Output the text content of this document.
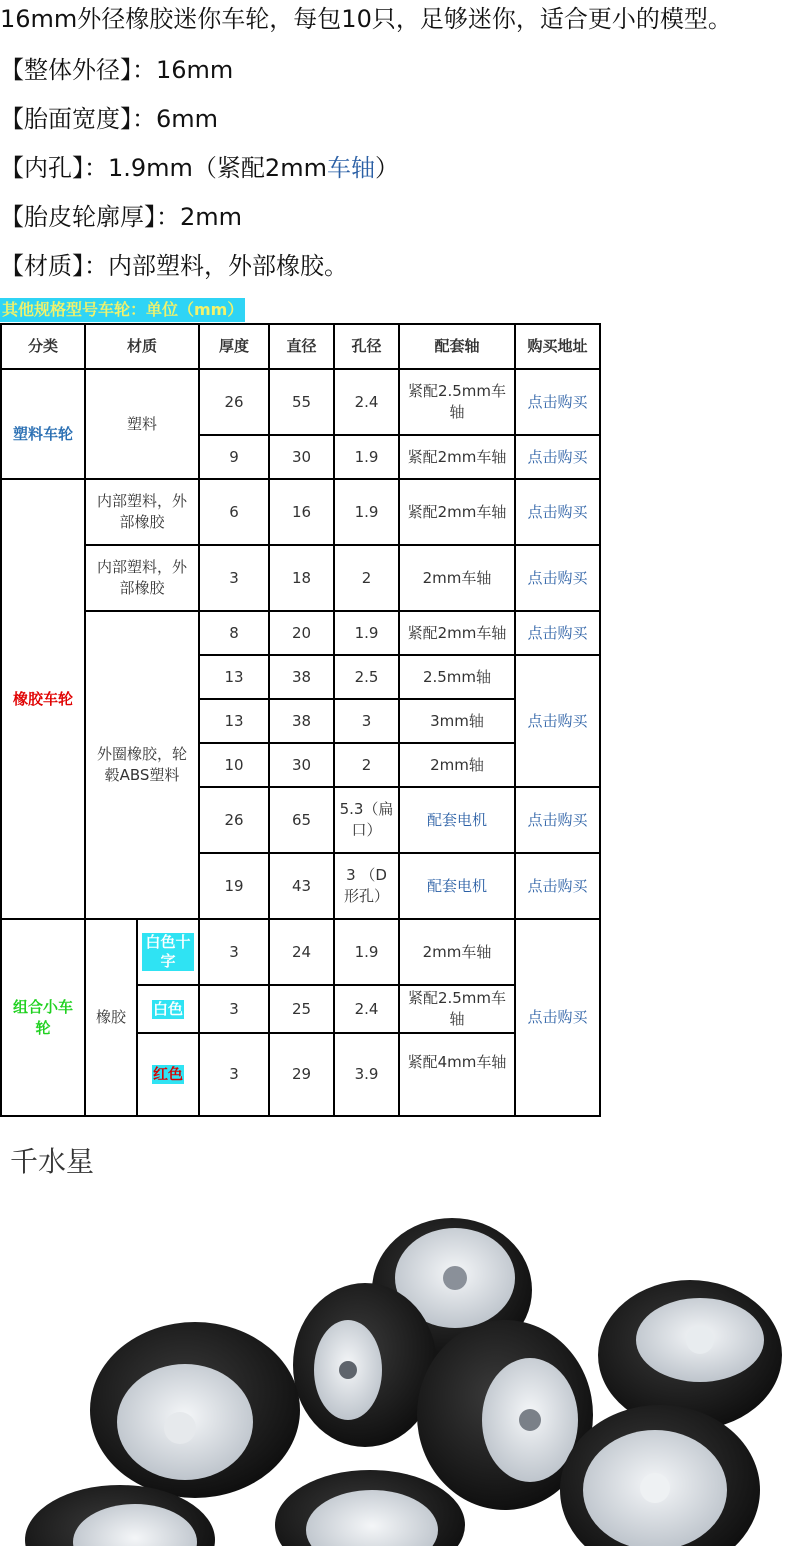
16mm外径橡胶迷你车轮，每包10只，足够迷你，适合更小的模型。
【整体外径】：16mm
【胎面宽度】：6mm
【内孔】：1.9mm（紧配2mm车轴）
【胎皮轮廓厚】：2mm
【材质】：内部塑料，外部橡胶。
其他规格型号车轮：单位（mm）
分类	材质		厚度	直径	孔径	配套轴	购买地址
塑料车轮	塑料		26	55	2.4	紧配2.5mm车轴	点击购买
			9	30	1.9	紧配2mm车轴	点击购买
橡胶车轮	内部塑料，外部橡胶		6	16	1.9	紧配2mm车轴	点击购买
	内部塑料，外部橡胶		3	18	2	2mm车轴	点击购买
	外圈橡胶，轮毂ABS塑料		8	20	1.9	紧配2mm车轴	点击购买
			13	38	2.5	2.5mm轴	点击购买
			13	38	3	3mm轴	
			10	30	2	2mm轴	
			26	65	5.3（扁口）	配套电机	点击购买
			19	43	3 （D形孔）	配套电机	点击购买
组合小车轮	橡胶	白色十字	3	24	1.9	2mm车轴	点击购买
		白色	3	25	2.4	紧配2.5mm车轴	
		红色	3	29	3.9	紧配4mm车轴	
千水星
